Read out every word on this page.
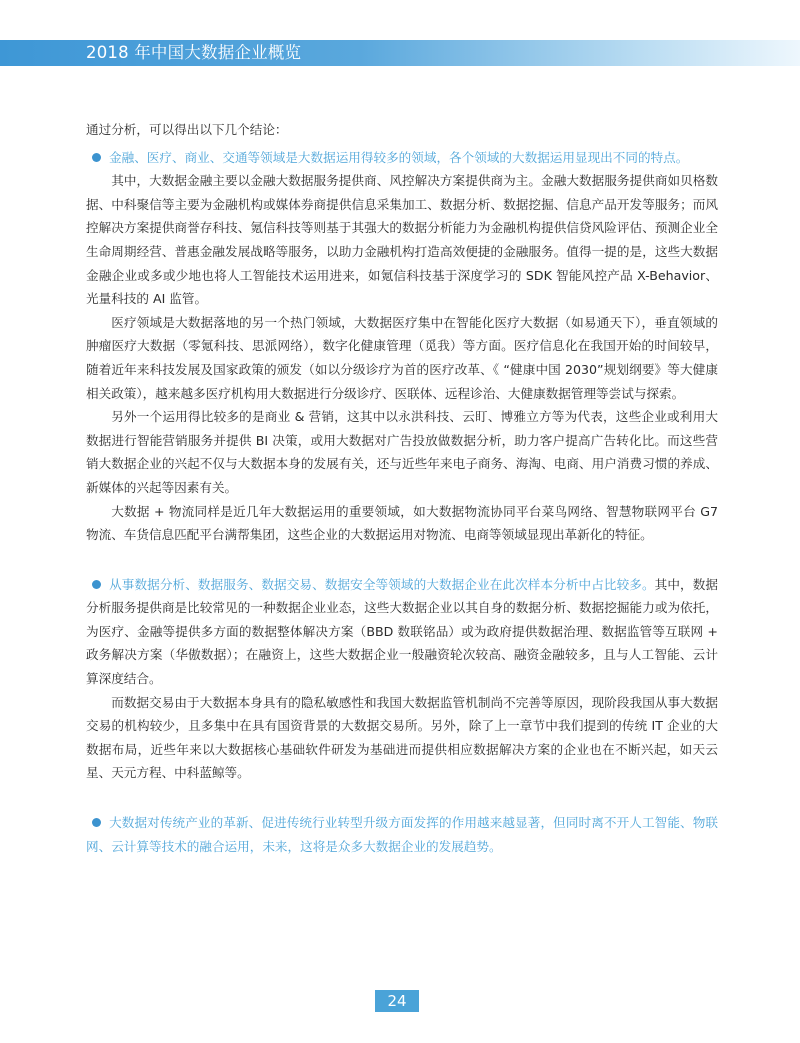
2018 年中国大数据企业概览

通过分析，可以得出以下几个结论：

金融、医疗、商业、交通等领域是大数据运用得较多的领域，各个领域的大数据运用显现出不同的特点。

其中，大数据金融主要以金融大数据服务提供商、风控解决方案提供商为主。金融大数据服务提供商如贝格数据、中科聚信等主要为金融机构或媒体券商提供信息采集加工、数据分析、数据挖掘、信息产品开发等服务；而风控解决方案提供商誉存科技、氪信科技等则基于其强大的数据分析能力为金融机构提供信贷风险评估、预测企业全生命周期经营、普惠金融发展战略等服务，以助力金融机构打造高效便捷的金融服务。值得一提的是，这些大数据金融企业或多或少地也将人工智能技术运用进来，如氪信科技基于深度学习的 SDK 智能风控产品 X-Behavior、光量科技的 AI 监管。

医疗领域是大数据落地的另一个热门领域，大数据医疗集中在智能化医疗大数据（如易通天下），垂直领域的肿瘤医疗大数据（零氪科技、思派网络），数字化健康管理（觅我）等方面。医疗信息化在我国开始的时间较早，随着近年来科技发展及国家政策的颁发（如以分级诊疗为首的医疗改革、《 “健康中国 2030”规划纲要》等大健康相关政策），越来越多医疗机构用大数据进行分级诊疗、医联体、远程诊治、大健康数据管理等尝试与探索。

另外一个运用得比较多的是商业 & 营销，这其中以永洪科技、云盯、博雅立方等为代表，这些企业或利用大数据进行智能营销服务并提供 BI 决策，或用大数据对广告投放做数据分析，助力客户提高广告转化比。而这些营销大数据企业的兴起不仅与大数据本身的发展有关，还与近些年来电子商务、海淘、电商、用户消费习惯的养成、新媒体的兴起等因素有关。

大数据 + 物流同样是近几年大数据运用的重要领域，如大数据物流协同平台菜鸟网络、智慧物联网平台 G7 物流、车货信息匹配平台满帮集团，这些企业的大数据运用对物流、电商等领域显现出革新化的特征。

从事数据分析、数据服务、数据交易、数据安全等领域的大数据企业在此次样本分析中占比较多。其中，数据分析服务提供商是比较常见的一种数据企业业态，这些大数据企业以其自身的数据分析、数据挖掘能力或为依托，为医疗、金融等提供多方面的数据整体解决方案（BBD 数联铭品）或为政府提供数据治理、数据监管等互联网 + 政务解决方案（华傲数据）；在融资上，这些大数据企业一般融资轮次较高、融资金融较多，且与人工智能、云计算深度结合。

而数据交易由于大数据本身具有的隐私敏感性和我国大数据监管机制尚不完善等原因，现阶段我国从事大数据交易的机构较少，且多集中在具有国资背景的大数据交易所。另外，除了上一章节中我们提到的传统 IT 企业的大数据布局，近些年来以大数据核心基础软件研发为基础进而提供相应数据解决方案的企业也在不断兴起，如天云星、天元方程、中科蓝鲸等。

大数据对传统产业的革新、促进传统行业转型升级方面发挥的作用越来越显著，但同时离不开人工智能、物联网、云计算等技术的融合运用，未来，这将是众多大数据企业的发展趋势。

24
